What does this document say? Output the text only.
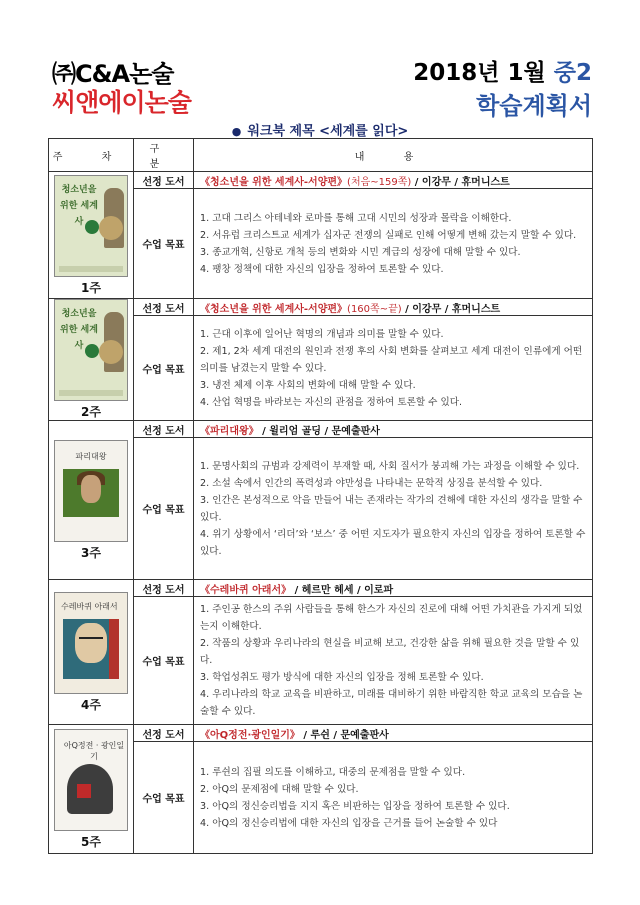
㈜C&A논술
씨앤에이논술
2018년 1월 중2
학습계획서
● 워크북 제목 <세계를 읽다>
주 차	구 분	내 용

청소년을 위한 세계사
1주	선정 도서	《청소년을 위한 세계사-서양편》(처음~159쪽) / 이강무 / 휴머니스트
	수업 목표	1. 고대 그리스 아테네와 로마를 통해 고대 시민의 성장과 몰락을 이해한다.
2. 서유럽 크리스트교 세계가 십자군 전쟁의 실패로 인해 어떻게 변해 갔는지 말할 수 있다.
3. 종교개혁, 신항로 개척 등의 변화와 시민 계급의 성장에 대해 말할 수 있다.
4. 팽창 정책에 대한 자신의 입장을 정하여 토론할 수 있다.

청소년을 위한 세계사
2주	선정 도서	《청소년을 위한 세계사-서양편》(160쪽~끝) / 이강무 / 휴머니스트
	수업 목표	1. 근대 이후에 일어난 혁명의 개념과 의미를 말할 수 있다.
2. 제1, 2차 세계 대전의 원인과 전쟁 후의 사회 변화를 살펴보고 세계 대전이 인류에게 어떤 의미를 남겼는지 말할 수 있다.
3. 냉전 체제 이후 사회의 변화에 대해 말할 수 있다.
4. 산업 혁명을 바라보는 자신의 관점을 정하여 토론할 수 있다.

파리대왕
3주	선정 도서	《파리대왕》 / 윌리엄 골딩 / 문예출판사
	수업 목표	1. 문명사회의 규범과 강제력이 부재할 때, 사회 질서가 붕괴해 가는 과정을 이해할 수 있다.
2. 소설 속에서 인간의 폭력성과 야만성을 나타내는 문학적 상징을 분석할 수 있다.
3. 인간은 본성적으로 악을 만들어 내는 존재라는 작가의 견해에 대한 자신의 생각을 말할 수 있다.
4. 위기 상황에서 ‘리더’와 ‘보스’ 중 어떤 지도자가 필요한지 자신의 입장을 정하여 토론할 수 있다.

수레바퀴 아래서
4주	선정 도서	《수레바퀴 아래서》 / 헤르만 헤세 / 이로파
	수업 목표	1. 주인공 한스의 주위 사람들을 통해 한스가 자신의 진로에 대해 어떤 가치관을 가지게 되었는지 이해한다.
2. 작품의 상황과 우리나라의 현실을 비교해 보고, 건강한 삶을 위해 필요한 것을 말할 수 있다.
3. 학업성취도 평가 방식에 대한 자신의 입장을 정해 토론할 수 있다.
4. 우리나라의 학교 교육을 비판하고, 미래를 대비하기 위한 바람직한 학교 교육의 모습을 논술할 수 있다.

아Q정전 · 광인일기
5주	선정 도서	《아Q정전·광인일기》 / 루쉰 / 문예출판사
	수업 목표	1. 루쉰의 집필 의도를 이해하고, 대중의 문제점을 말할 수 있다.
2. 아Q의 문제점에 대해 말할 수 있다.
3. 아Q의 정신승리법을 지지 혹은 비판하는 입장을 정하여 토론할 수 있다.
4. 아Q의 정신승리법에 대한 자신의 입장을 근거를 들어 논술할 수 있다
